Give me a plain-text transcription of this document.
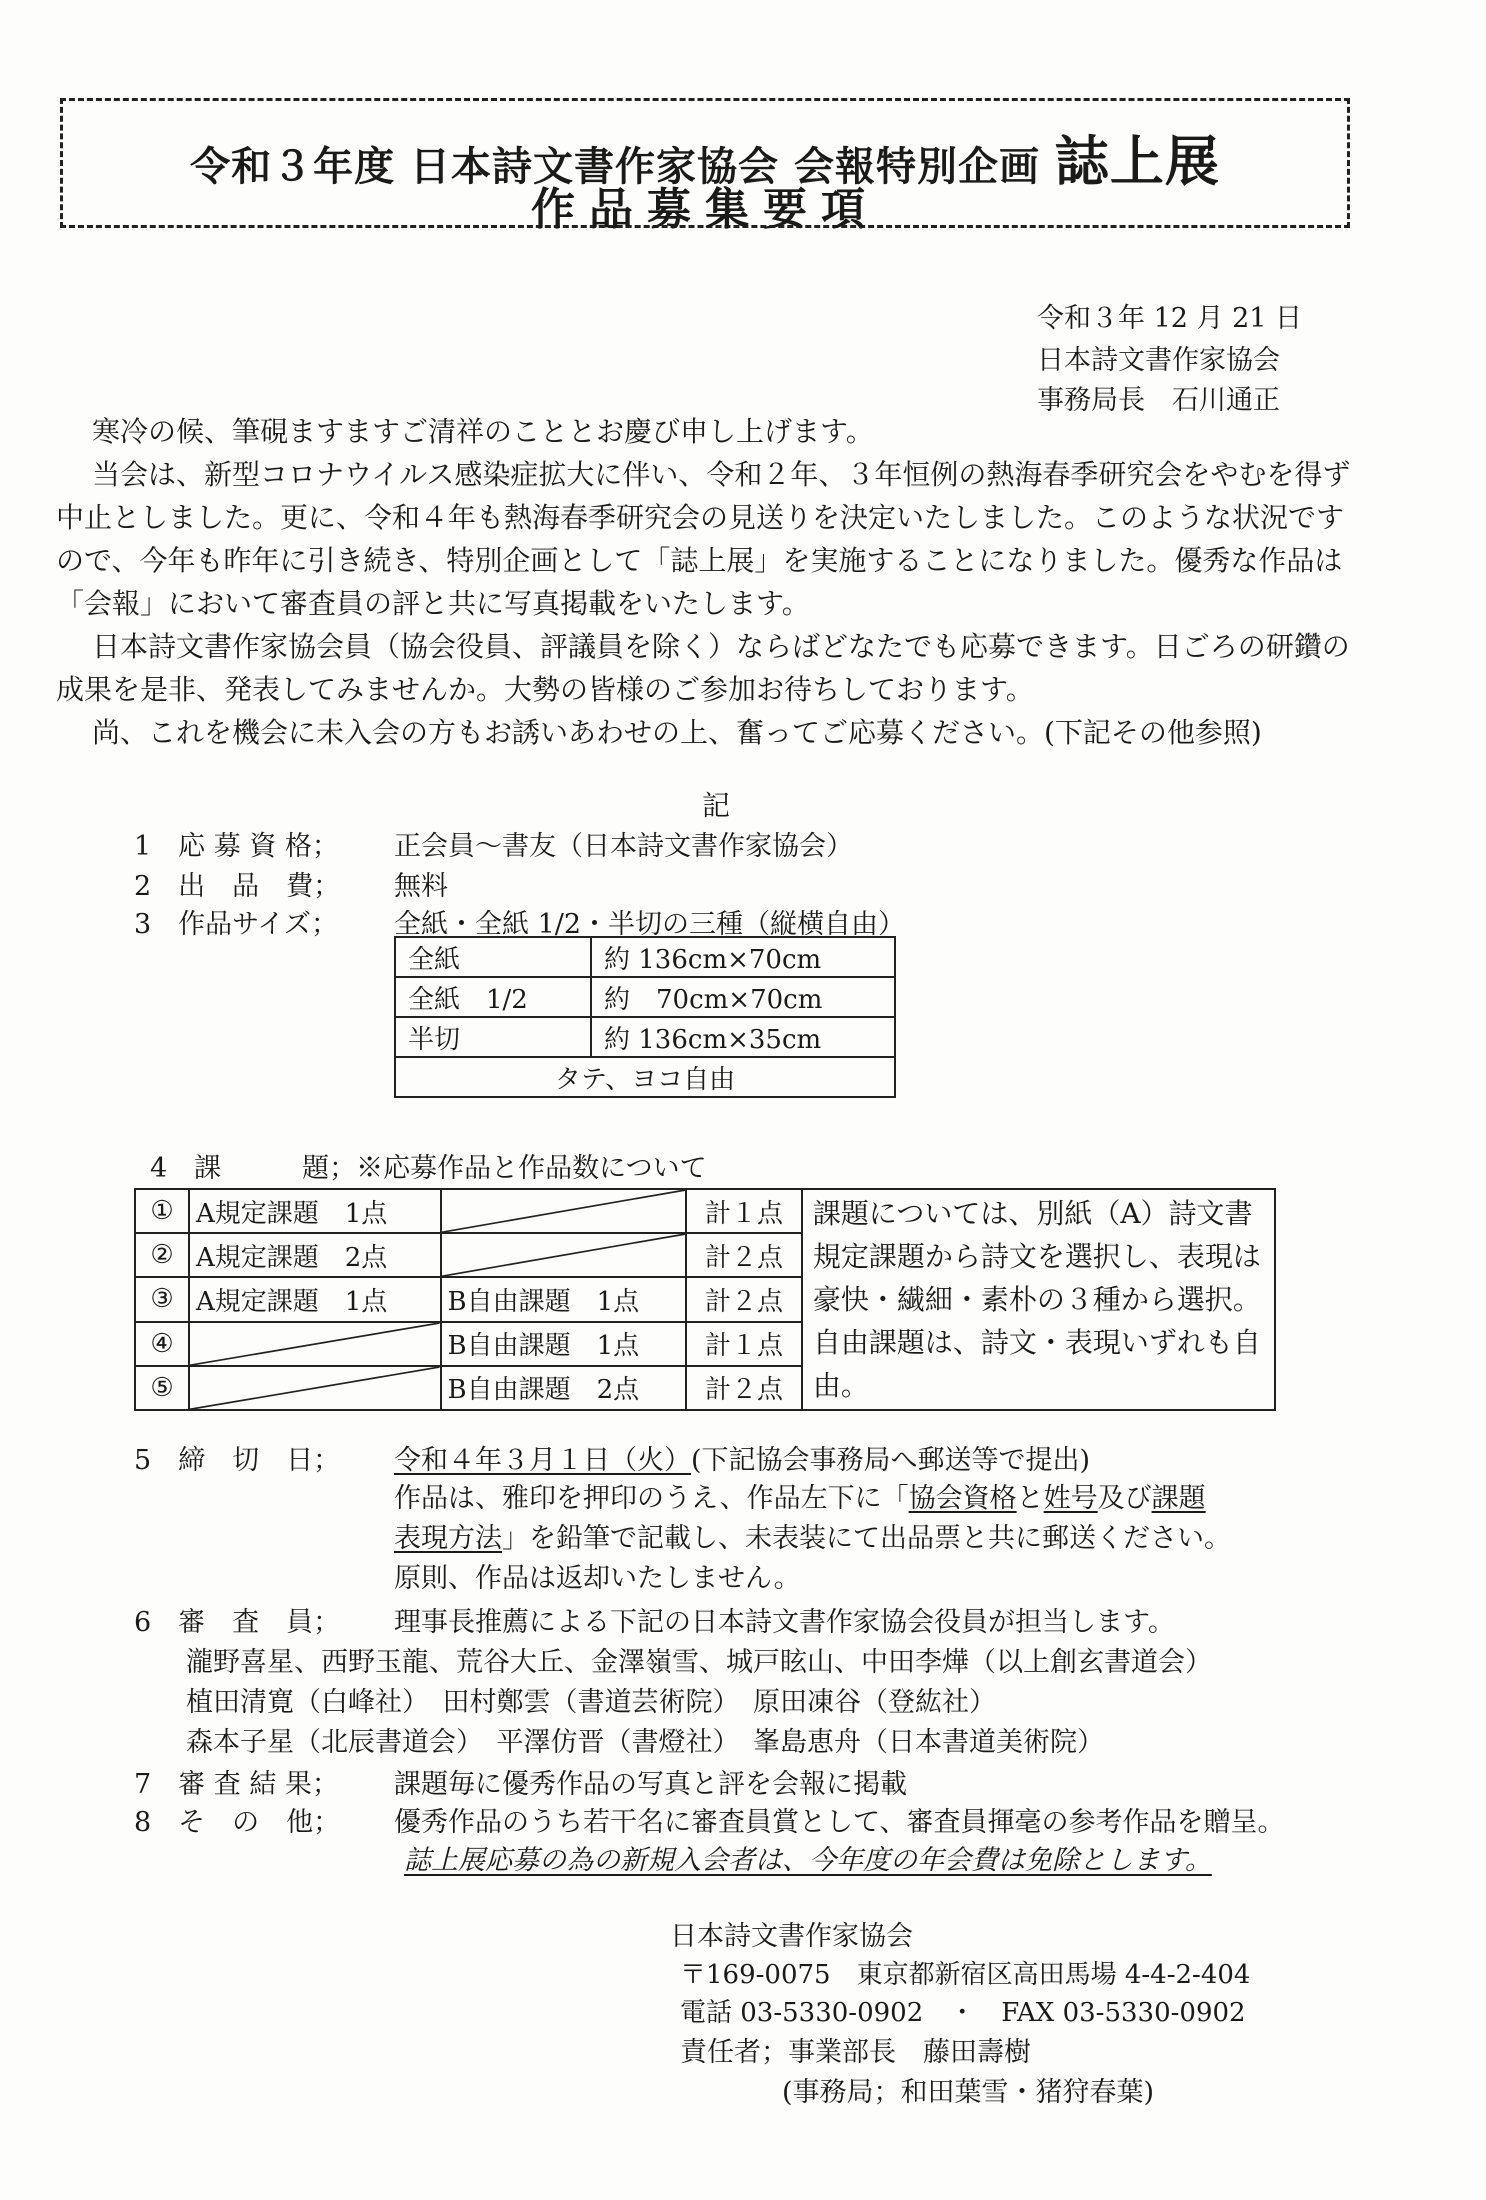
令和３年度 日本詩文書作家協会 会報特別企画 誌上展
作品募集要項
令和３年 12 月 21 日
日本詩文書作家協会
事務局長　石川通正
寒冷の候、筆硯ますますご清祥のこととお慶び申し上げます。
当会は、新型コロナウイルス感染症拡大に伴い、令和２年、３年恒例の熱海春季研究会をやむを得ず中止としました。更に、令和４年も熱海春季研究会の見送りを決定いたしました。このような状況ですので、今年も昨年に引き続き、特別企画として「誌上展」を実施することになりました。優秀な作品は「会報」において審査員の評と共に写真掲載をいたします。
日本詩文書作家協会員（協会役員、評議員を除く）ならばどなたでも応募できます。日ごろの研鑽の成果を是非、発表してみませんか。大勢の皆様のご参加お待ちしております。
尚、これを機会に未入会の方もお誘いあわせの上、奮ってご応募ください。(下記その他参照)
記
1　応 募 資 格； 正会員～書友（日本詩文書作家協会）
2　出　品　費； 無料
3　作品サイズ； 全紙・全紙 1/2・半切の三種（縦横自由）
全紙	約 136cm×70cm
全紙　1/2	約　70cm×70cm
半切	約 136cm×35cm
タテ、ヨコ自由	
4　課　　　題；※応募作品と作品数について
①	A規定課題　1点		計１点	課題については、別紙（A）詩文書規定課題から詩文を選択し、表現は豪快・繊細・素朴の３種から選択。自由課題は、詩文・表現いずれも自由。
②	A規定課題　2点		計２点	
③	A規定課題　1点	B自由課題　1点	計２点	
④		B自由課題　1点	計１点	
⑤		B自由課題　2点	計２点	
5　締　切　日； 令和４年３月１日（火）(下記協会事務局へ郵送等で提出)
作品は、雅印を押印のうえ、作品左下に「協会資格と姓号及び課題
表現方法」を鉛筆で記載し、未表装にて出品票と共に郵送ください。
原則、作品は返却いたしません。
6　審　査　員； 理事長推薦による下記の日本詩文書作家協会役員が担当します。
瀧野喜星、西野玉龍、荒谷大丘、金澤嶺雪、城戸眩山、中田李燁（以上創玄書道会）
植田清寛（白峰社）　田村鄭雲（書道芸術院）　原田凍谷（登紘社）
森本子星（北辰書道会）　平澤仿晋（書燈社）　峯島恵舟（日本書道美術院）
7　審 査 結 果； 課題毎に優秀作品の写真と評を会報に掲載
8　そ　の　他； 優秀作品のうち若干名に審査員賞として、審査員揮毫の参考作品を贈呈。
誌上展応募の為の新規入会者は、今年度の年会費は免除とします。
日本詩文書作家協会
〒169-0075　東京都新宿区高田馬場 4-4-2-404
電話 03-5330-0902　・　FAX 03-5330-0902
責任者；事業部長　藤田壽樹
(事務局；和田葉雪・猪狩春葉)
